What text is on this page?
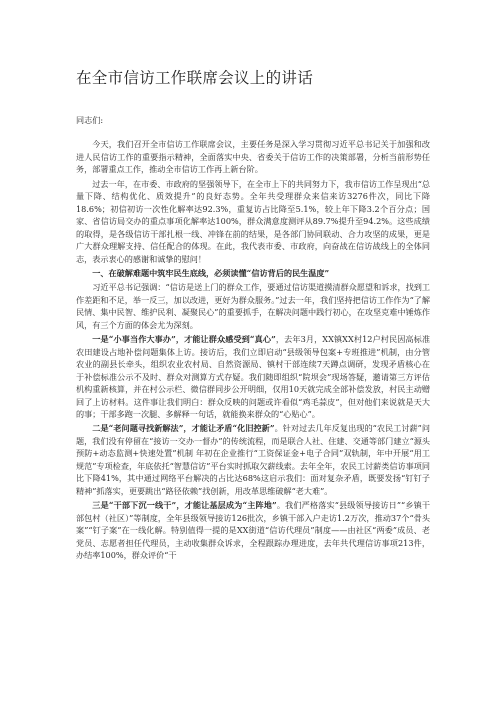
在全市信访工作联席会议上的讲话

同志们:

今天，我们召开全市信访工作联席会议，主要任务是深入学习贯彻习近平总书记关于加强和改进人民信访工作的重要指示精神，全面落实中央、省委关于信访工作的决策部署，分析当前形势任务，部署重点工作，推动全市信访工作再上新台阶。

过去一年，在市委、市政府的坚强领导下，在全市上下的共同努力下，我市信访工作呈现出“总量下降、结构优化、质效提升”的良好态势。全年共受理群众来信来访3276件次，同比下降18.6%；初信初访一次性化解率达92.3%，重复访占比降至5.1%，较上年下降3.2个百分点；国家、省信访局交办的重点事项化解率达100%，群众满意度测评从89.7%提升至94.2%。这些成绩的取得，是各级信访干部扎根一线、冲锋在前的结果，是各部门协同联动、合力攻坚的成果，更是广大群众理解支持、信任配合的体现。在此，我代表市委、市政府，向奋战在信访战线上的全体同志，表示衷心的感谢和诚挚的慰问！

一、在破解难题中筑牢民生底线，必须读懂“信访背后的民生温度”

习近平总书记强调：“信访是送上门的群众工作，要通过信访渠道摸清群众愿望和诉求，找到工作差距和不足，举一反三，加以改进，更好为群众服务。”过去一年，我们坚持把信访工作作为“了解民情、集中民智、维护民利、凝聚民心”的重要抓手，在解决问题中践行初心，在攻坚克难中锤炼作风，有三个方面的体会尤为深刻。

一是“小事当作大事办”，才能让群众感受到“真心”，去年3月，XX镇XX村12户村民因高标准农田建设占地补偿问题集体上访。接访后，我们立即启动“县级领导包案+专班推进”机制，由分管农业的副县长牵头，组织农业农村局、自然资源局、镇村干部连续7天蹲点调研，发现矛盾核心在于补偿标准公示不及时、群众对测算方式存疑。我们随即组织“院坝会”现场答疑，邀请第三方评估机构重新核算，并在村公示栏、微信群同步公开明细，仅用10天就完成全部补偿发放，村民主动赠回了上访材料。这件事让我们明白：群众反映的问题或许看似“鸡毛蒜皮”，但对他们来说就是天大的事；干部多跑一次腿、多解释一句话，就能换来群众的“心贴心”。

二是“老问题寻找新解法”，才能让矛盾“化旧控新”。针对过去几年反复出现的“农民工讨薪”问题，我们没有停留在“接访一交办一督办”的传统流程，而是联合人社、住建、交通等部门建立“源头预防+动态监测+快速处置”机制 年初在企业推行“工资保证金+电子合同”双轨制，年中开展“用工规范”专项检查，年底依托“智慧信访”平台实时抓取欠薪线索。去年全年，农民工讨薪类信访事项同比下降41%，其中通过网络平台解决的占比达68%这启示我们：面对复杂矛盾，既要发扬“钉钉子精神”抓落实，更要跳出“路径依赖”找创新，用改革思维破解“老大难”。

三是“干部下沉一线干”，才能让基层成为“主阵地”。我们严格落实“县级领导接访日”“乡镇干部包村（社区）”等制度，全年县级领导接访126批次，乡镇干部入户走访1.2万次，推动37个“骨头案”“钉子案”在一线化解。特别值得一提的是XX街道“信访代理员”制度——由社区“两委”成员、老党员、志愿者担任代理员，主动收集群众诉求，全程跟踪办理进度，去年共代理信访事项213件，办结率100%，群众评价“干
